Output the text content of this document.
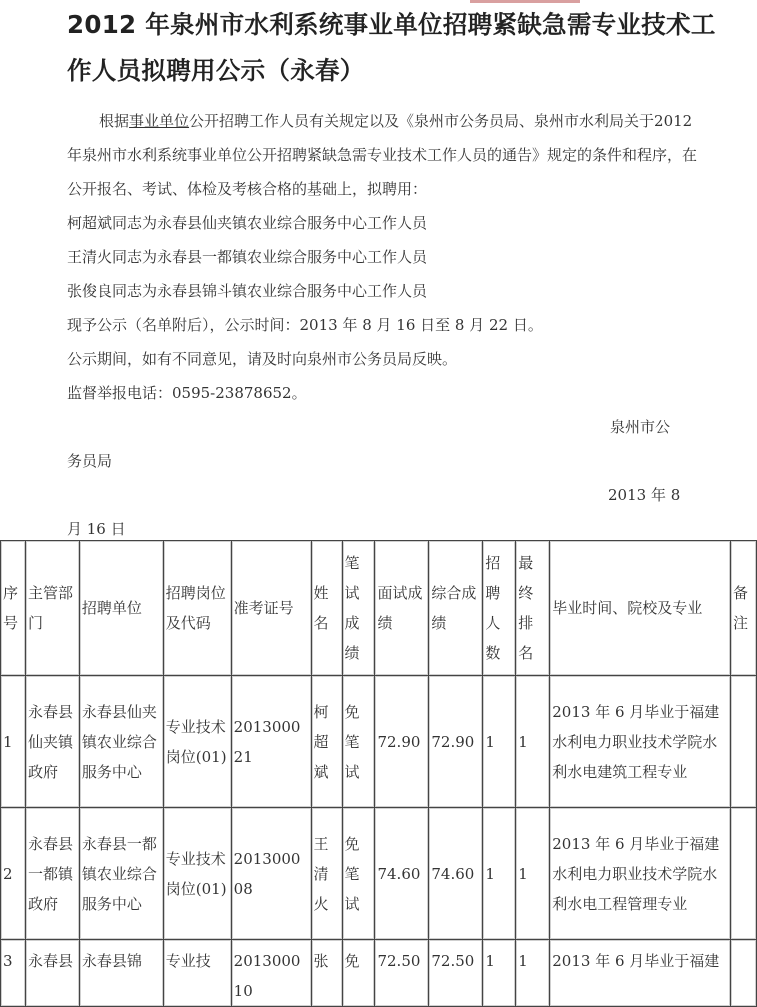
2012 年泉州市水利系统事业单位招聘紧缺急需专业技术工作人员拟聘用公示（永春）
根据事业单位公开招聘工作人员有关规定以及《泉州市公务员局、泉州市水利局关于2012年泉州市水利系统事业单位公开招聘紧缺急需专业技术工作人员的通告》规定的条件和程序，在公开报名、考试、体检及考核合格的基础上，拟聘用：
柯超斌同志为永春县仙夹镇农业综合服务中心工作人员
王清火同志为永春县一都镇农业综合服务中心工作人员
张俊良同志为永春县锦斗镇农业综合服务中心工作人员
现予公示（名单附后），公示时间：2013 年 8 月 16 日至 8 月 22 日。
公示期间，如有不同意见，请及时向泉州市公务员局反映。
监督举报电话：0595-23878652。
泉州市公
务员局
2013 年 8
月 16 日
序号	主管部门	招聘单位	招聘岗位及代码	准考证号	姓名	笔试成绩	面试成绩	综合成绩	招聘人数	最终排名	毕业时间、院校及专业	备注
1	永春县仙夹镇政府	永春县仙夹镇农业综合服务中心	专业技术岗位(01)	201300021	柯超斌	免笔试	72.90	72.90	1	1	2013 年 6 月毕业于福建水利电力职业技术学院水利水电建筑工程专业	
2	永春县一都镇政府	永春县一都镇农业综合服务中心	专业技术岗位(01)	201300008	王清火	免笔试	74.60	74.60	1	1	2013 年 6 月毕业于福建水利电力职业技术学院水利水电工程管理专业	
3	永春县	永春县锦	专业技	201300010	张	免	72.50	72.50	1	1	2013 年 6 月毕业于福建	
